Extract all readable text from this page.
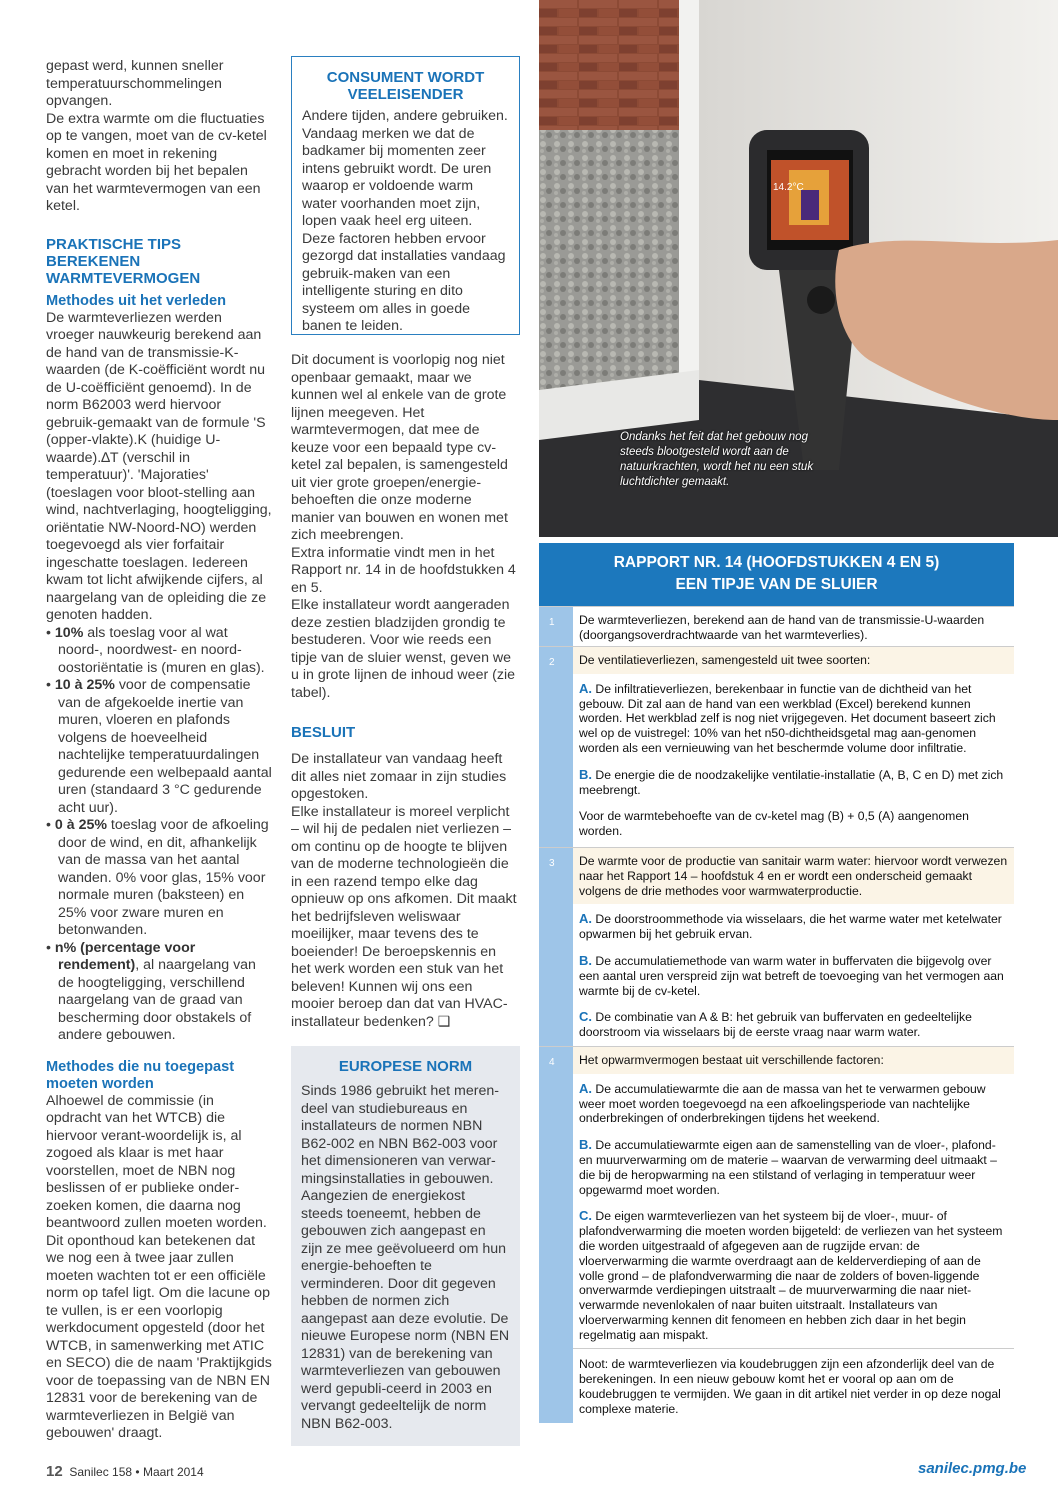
gepast werd, kunnen sneller temperatuurschommelingen opvangen.

De extra warmte om die fluctuaties op te vangen, moet van de cv-ketel komen en moet in rekening gebracht worden bij het bepalen van het warmtevermogen van een ketel.

PRAKTISCHE TIPS BEREKENEN WARMTEVERMOGEN

Methodes uit het verleden

De warmteverliezen werden vroeger nauwkeurig berekend aan de hand van de transmissie-K-waarden (de K-coëfficiënt wordt nu de U-coëfficiënt genoemd). In de norm B62003 werd hiervoor gebruik-gemaakt van de formule 'S (opper-vlakte).K (huidige U-waarde).∆T (verschil in temperatuur)'. 'Majoraties' (toeslagen voor bloot-stelling aan wind, nachtverlaging, hoogteligging, oriëntatie NW-Noord-NO) werden toegevoegd als vier forfaitair ingeschatte toeslagen. Iedereen kwam tot licht afwijkende cijfers, al naargelang van de opleiding die ze genoten hadden.

• 10% als toeslag voor al wat noord-, noordwest- en noord-oostoriëntatie is (muren en glas).

• 10 à 25% voor de compensatie van de afgekoelde inertie van muren, vloeren en plafonds volgens de hoeveelheid nachtelijke temperatuurdalingen gedurende een welbepaald aantal uren (standaard 3 °C gedurende acht uur).

• 0 à 25% toeslag voor de afkoeling door de wind, en dit, afhankelijk van de massa van het aantal wanden. 0% voor glas, 15% voor normale muren (baksteen) en 25% voor zware muren en betonwanden.

• n% (percentage voor rendement), al naargelang van de hoogteligging, verschillend naargelang van de graad van bescherming door obstakels of andere gebouwen.

Methodes die nu toegepast moeten worden

Alhoewel de commissie (in opdracht van het WTCB) die hiervoor verant-woordelijk is, al zogoed als klaar is met haar voorstellen, moet de NBN nog beslissen of er publieke onder-zoeken komen, die daarna nog beantwoord zullen moeten worden. Dit oponthoud kan betekenen dat we nog een à twee jaar zullen moeten wachten tot er een officiële norm op tafel ligt. Om die lacune op te vullen, is er een voorlopig werkdocument opgesteld (door het WTCB, in samenwerking met ATIC en SECO) die de naam 'Praktijkgids voor de toepassing van de NBN EN 12831 voor de berekening van de warmteverliezen in België van gebouwen' draagt.

CONSUMENT WORDT VEELEISENDER
Andere tijden, andere gebruiken. Vandaag merken we dat de badkamer bij momenten zeer intens gebruikt wordt. De uren waarop er voldoende warm water voorhanden moet zijn, lopen vaak heel erg uiteen. Deze factoren hebben ervoor gezorgd dat installaties vandaag gebruik-maken van een intelligente sturing en dito systeem om alles in goede banen te leiden.

Dit document is voorlopig nog niet openbaar gemaakt, maar we kunnen wel al enkele van de grote lijnen meegeven. Het warmtevermogen, dat mee de keuze voor een bepaald type cv-ketel zal bepalen, is samengesteld uit vier grote groepen/energie-behoeften die onze moderne manier van bouwen en wonen met zich meebrengen.

Extra informatie vindt men in het Rapport nr. 14 in de hoofdstukken 4 en 5.

Elke installateur wordt aangeraden deze zestien bladzijden grondig te bestuderen. Voor wie reeds een tipje van de sluier wenst, geven we u in grote lijnen de inhoud weer (zie tabel).

BESLUIT

De installateur van vandaag heeft dit alles niet zomaar in zijn studies opgestoken.

Elke installateur is moreel verplicht – wil hij de pedalen niet verliezen – om continu op de hoogte te blijven van de moderne technologieën die in een razend tempo elke dag opnieuw op ons afkomen. Dit maakt het bedrijfsleven weliswaar moeilijker, maar tevens des te boeiender! De beroepskennis en het werk worden een stuk van het beleven! Kunnen wij ons een mooier beroep dan dat van HVAC-installateur bedenken? ❑

EUROPESE NORM
Sinds 1986 gebruikt het meren-deel van studiebureaus en installateurs de normen NBN B62-002 en NBN B62-003 voor het dimensioneren van verwar-mingsinstallaties in gebouwen. Aangezien de energiekost steeds toeneemt, hebben de gebouwen zich aangepast en zijn ze mee geëvolueerd om hun energie-behoeften te verminderen. Door dit gegeven hebben de normen zich aangepast aan deze evolutie. De nieuwe Europese norm (NBN EN 12831) van de berekening van warmteverliezen van gebouwen werd gepubli-ceerd in 2003 en vervangt gedeeltelijk de norm NBN B62-003.
14.2°C
Ondanks het feit dat het gebouw nog steeds blootgesteld wordt aan de natuurkrachten, wordt het nu een stuk luchtdichter gemaakt.
RAPPORT NR. 14 (HOOFDSTUKKEN 4 EN 5)
EEN TIPJE VAN DE SLUIER
1	De warmteverliezen, berekend aan de hand van de transmissie-U-waarden (doorgangsoverdrachtwaarde van het warmteverlies).
2	De ventilatieverliezen, samengesteld uit twee soorten:
A. De infiltratieverliezen, berekenbaar in functie van de dichtheid van het gebouw. Dit zal aan de hand van een werkblad (Excel) berekend kunnen worden. Het werkblad zelf is nog niet vrijgegeven. Het document baseert zich wel op de vuistregel: 10% van het n50-dichtheidsgetal mag aan-genomen worden als een vernieuwing van het beschermde volume door infiltratie.
B. De energie die de noodzakelijke ventilatie-installatie (A, B, C en D) met zich meebrengt.
Voor de warmtebehoefte van de cv-ketel mag (B) + 0,5 (A) aangenomen worden.
3	De warmte voor de productie van sanitair warm water: hiervoor wordt verwezen naar het Rapport 14 – hoofdstuk 4 en er wordt een onderscheid gemaakt volgens de drie methodes voor warmwaterproductie.
A. De doorstroommethode via wisselaars, die het warme water met ketelwater opwarmen bij het gebruik ervan.
B. De accumulatiemethode van warm water in buffervaten die bijgevolg over een aantal uren verspreid zijn wat betreft de toevoeging van het vermogen aan warmte bij de cv-ketel.
C. De combinatie van A & B: het gebruik van buffervaten en gedeeltelijke doorstroom via wisselaars bij de eerste vraag naar warm water.
4	Het opwarmvermogen bestaat uit verschillende factoren:
A. De accumulatiewarmte die aan de massa van het te verwarmen gebouw weer moet worden toegevoegd na een afkoelingsperiode van nachtelijke onderbrekingen of onderbrekingen tijdens het weekend.
B. De accumulatiewarmte eigen aan de samenstelling van de vloer-, plafond- en muurverwarming om de materie – waarvan de verwarming deel uitmaakt – die bij de heropwarming na een stilstand of verlaging in temperatuur weer opgewarmd moet worden.
C. De eigen warmteverliezen van het systeem bij de vloer-, muur- of plafondverwarming die moeten worden bijgeteld: de verliezen van het systeem die worden uitgestraald of afgegeven aan de rugzijde ervan: de vloerverwarming die warmte overdraagt aan de kelderverdieping of aan de volle grond – de plafondverwarming die naar de zolders of boven-liggende onverwarmde verdiepingen uitstraalt – de muurverwarming die naar niet-verwarmde nevenlokalen of naar buiten uitstraalt. Installateurs van vloerverwarming kennen dit fenomeen en hebben zich daar in het begin regelmatig aan mispakt.
Noot: de warmteverliezen via koudebruggen zijn een afzonderlijk deel van de berekeningen. In een nieuw gebouw komt het er vooral op aan om de koudebruggen te vermijden. We gaan in dit artikel niet verder in op deze nogal complexe materie.
12 Sanilec 158 • Maart 2014	sanilec.pmg.be
